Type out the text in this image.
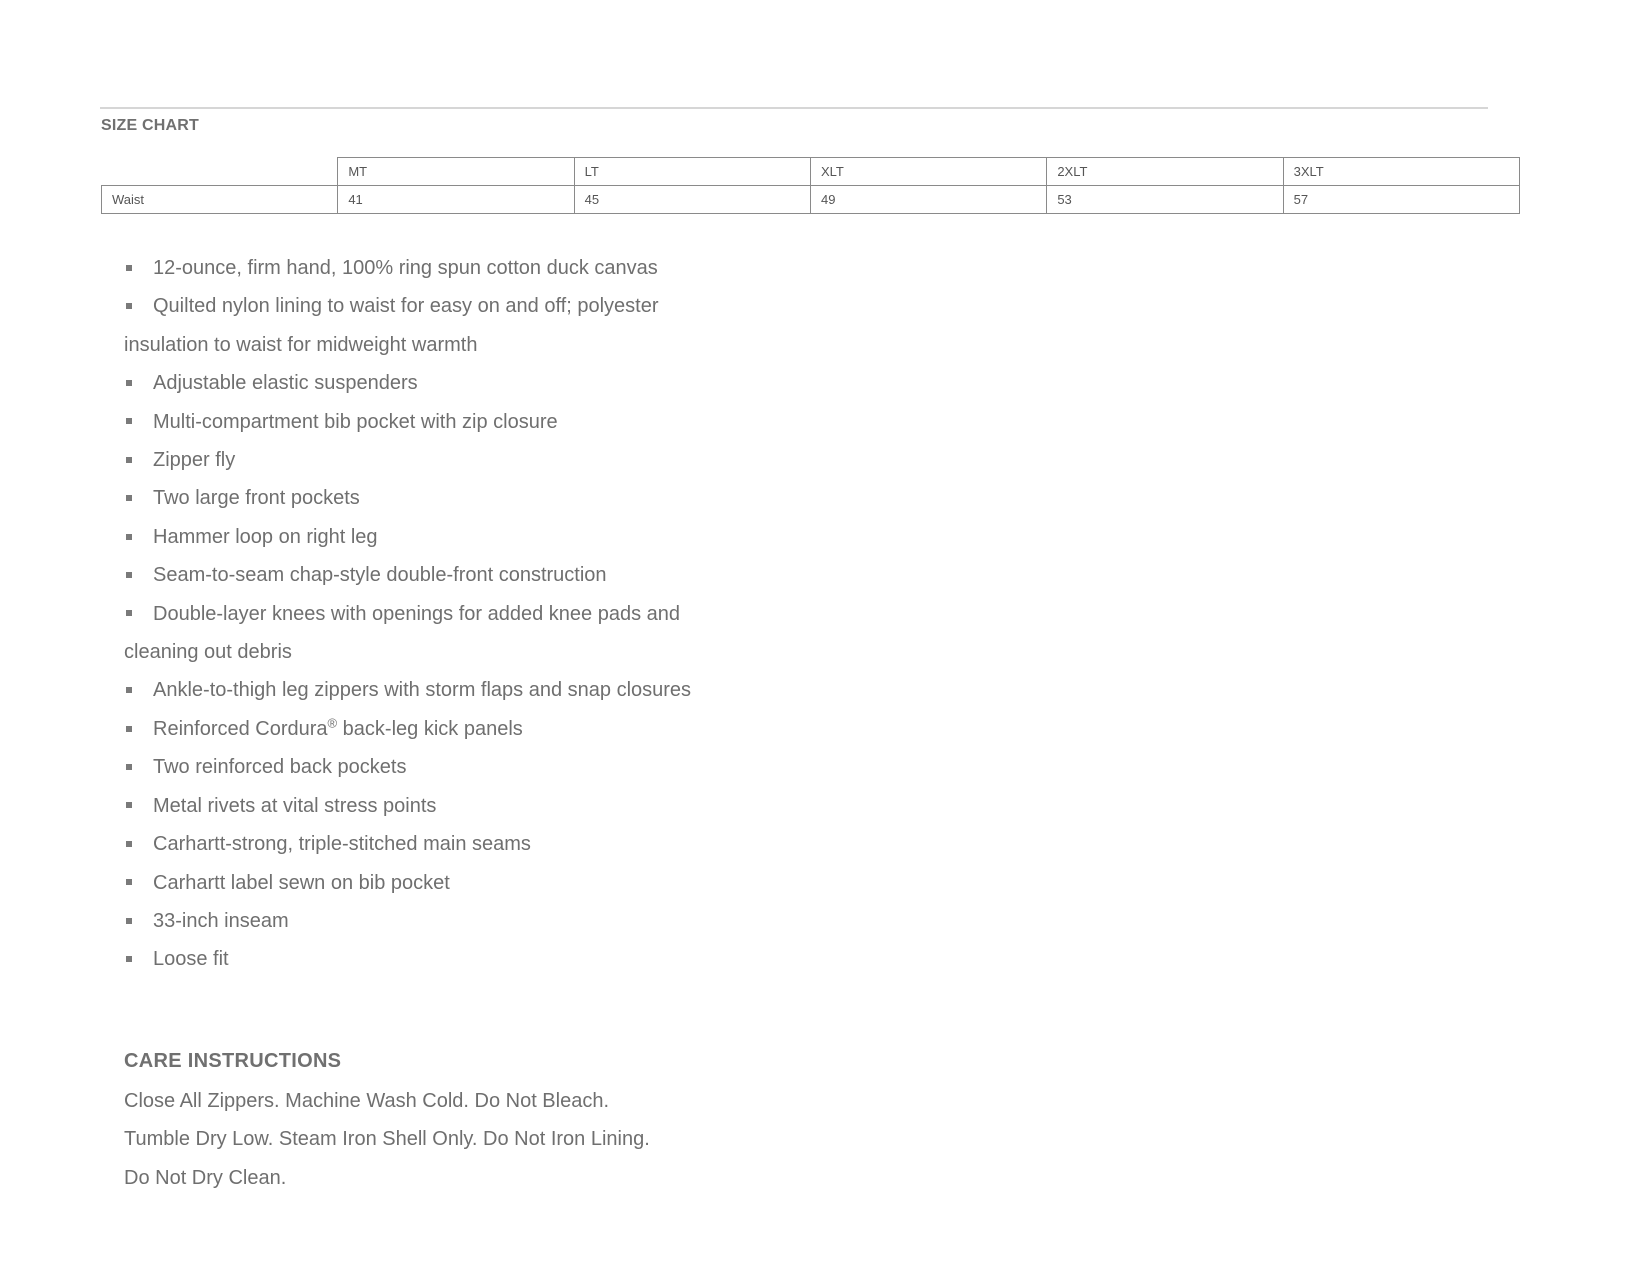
SIZE CHART
	MT	LT	XLT	2XLT	3XLT
Waist	41	45	49	53	57
12-ounce, firm hand, 100% ring spun cotton duck canvas
Quilted nylon lining to waist for easy on and off; polyester insulation to waist for midweight warmth
Adjustable elastic suspenders
Multi-compartment bib pocket with zip closure
Zipper fly
Two large front pockets
Hammer loop on right leg
Seam-to-seam chap-style double-front construction
Double-layer knees with openings for added knee pads and cleaning out debris
Ankle-to-thigh leg zippers with storm flaps and snap closures
Reinforced Cordura® back-leg kick panels
Two reinforced back pockets
Metal rivets at vital stress points
Carhartt-strong, triple-stitched main seams
Carhartt label sewn on bib pocket
33-inch inseam
Loose fit
CARE INSTRUCTIONS
Close All Zippers. Machine Wash Cold. Do Not Bleach.
Tumble Dry Low. Steam Iron Shell Only. Do Not Iron Lining.
Do Not Dry Clean.
